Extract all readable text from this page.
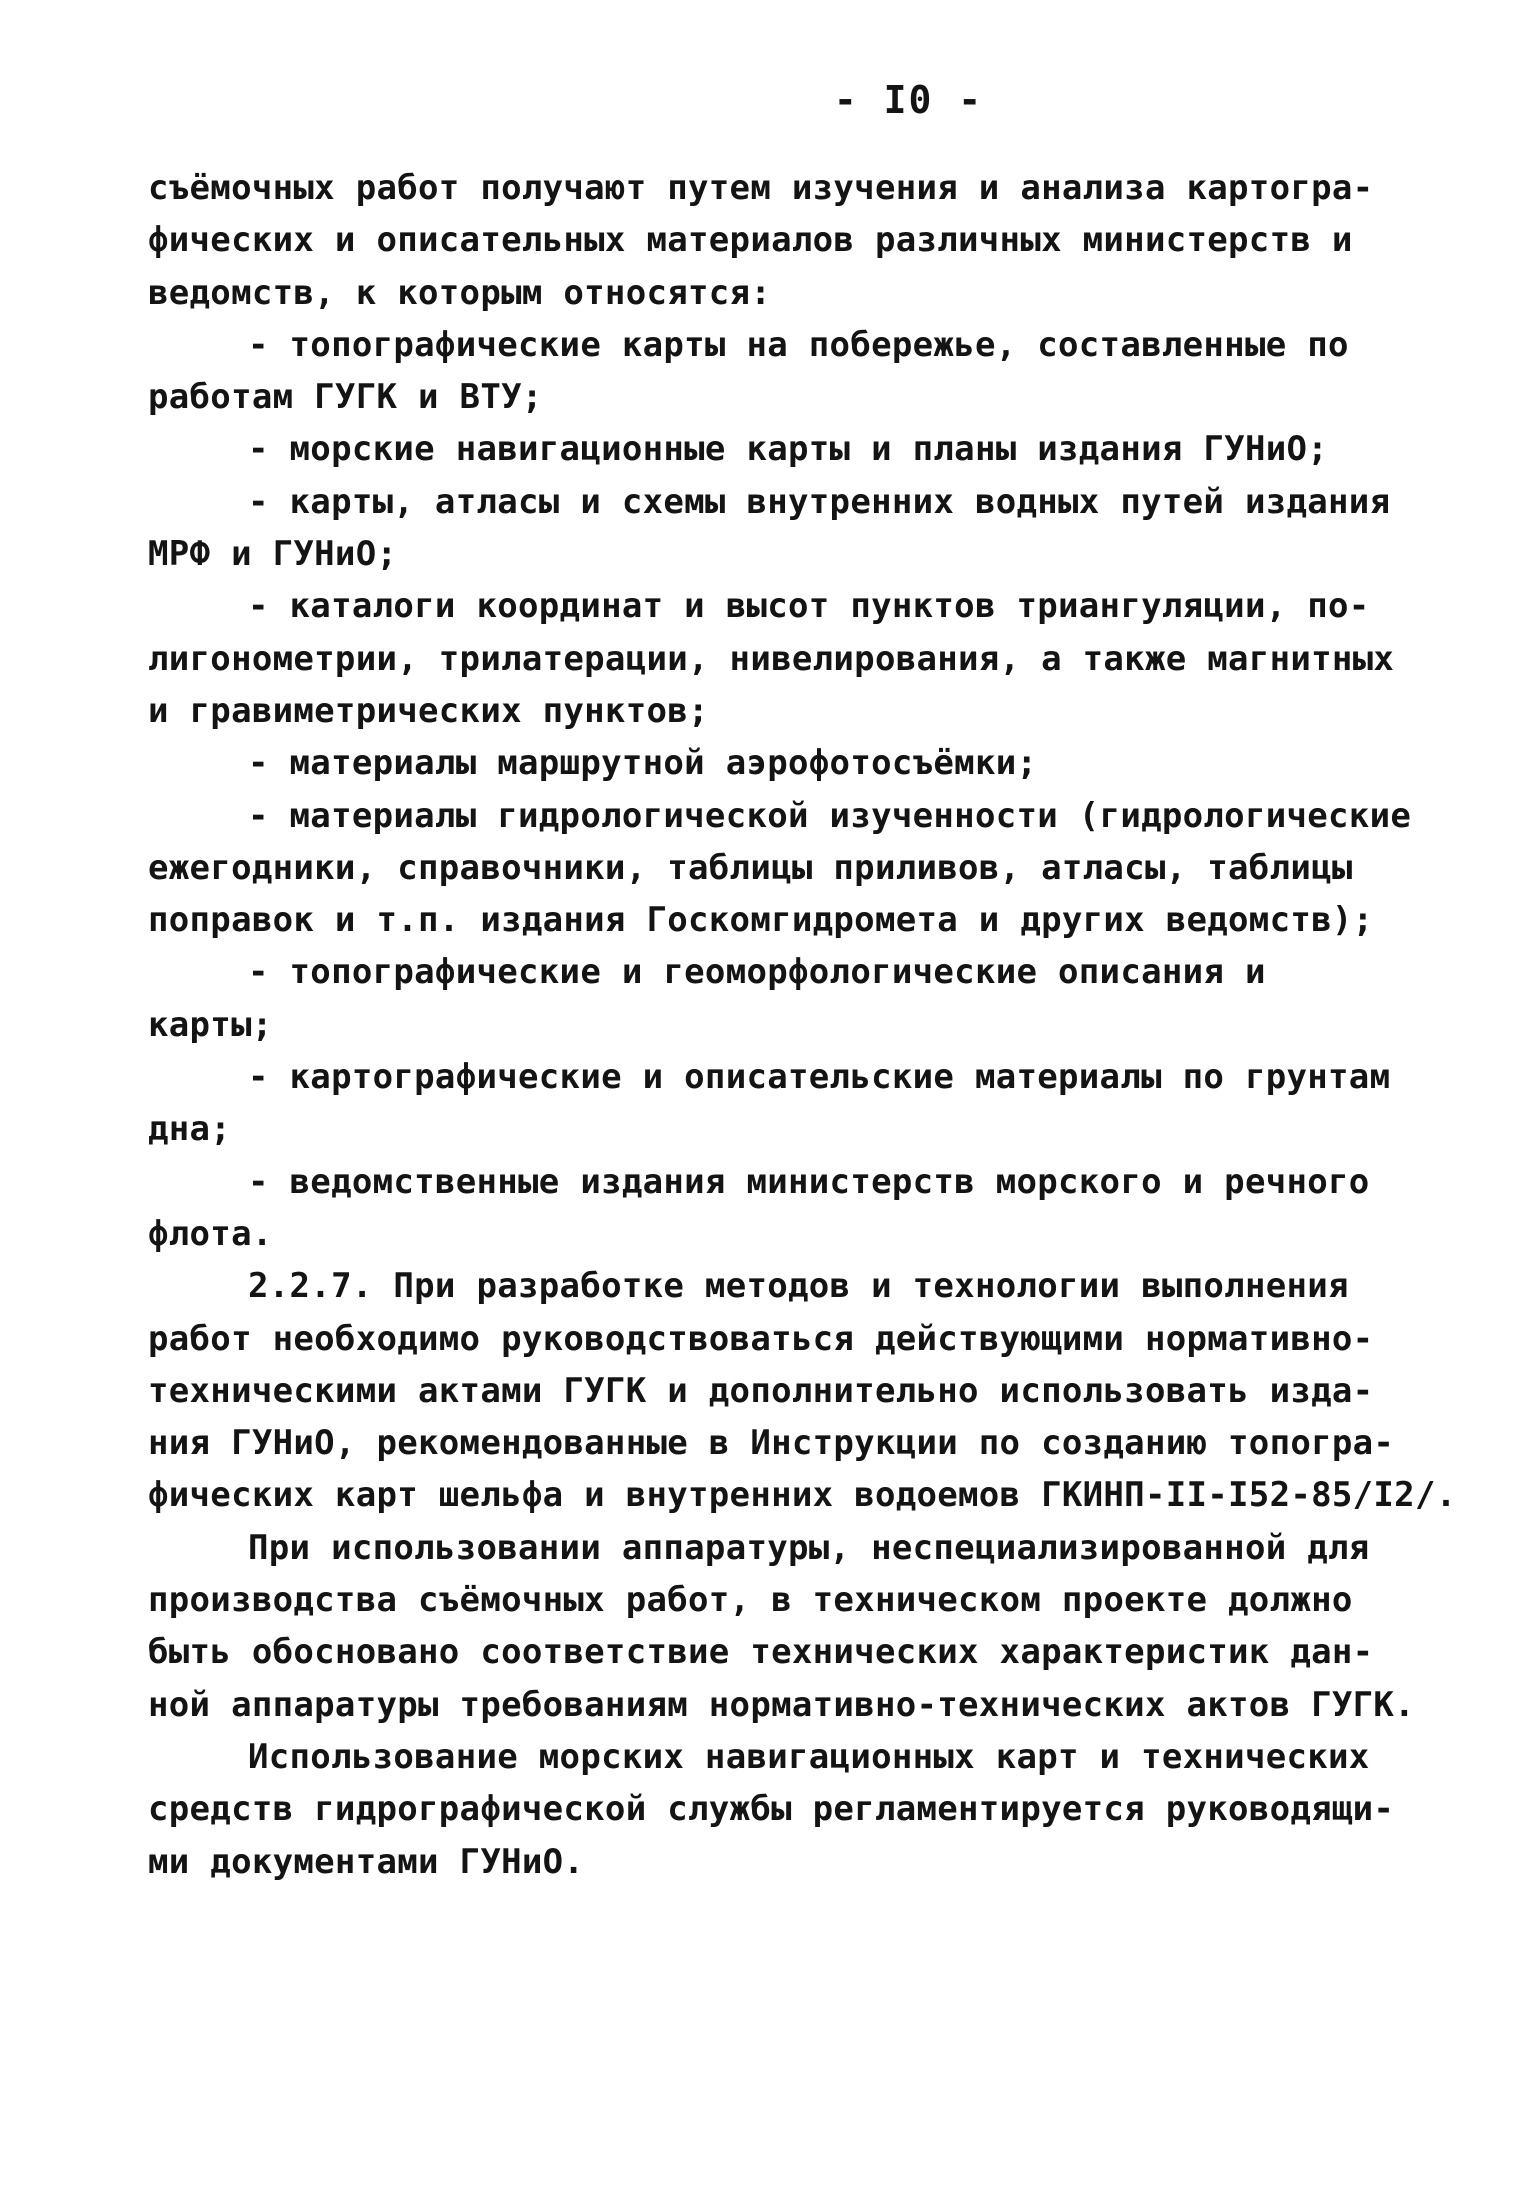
- I0 -
съёмочных работ получают путем изучения и анализа картогра-
фических и описательных материалов различных министерств и
ведомств, к которым относятся:
- топографические карты на побережье, составленные по
работам ГУГК и ВТУ;
- морские навигационные карты и планы издания ГУНиО;
- карты, атласы и схемы внутренних водных путей издания
МРФ и ГУНиО;
- каталоги координат и высот пунктов триангуляции, по-
лигонометрии, трилатерации, нивелирования, а также магнитных
и гравиметрических пунктов;
- материалы маршрутной аэрофотосъёмки;
- материалы гидрологической изученности (гидрологические
ежегодники, справочники, таблицы приливов, атласы, таблицы
поправок и т.п. издания Госкомгидромета и других ведомств);
- топографические и геоморфологические описания и
карты;
- картографические и описательские материалы по грунтам
дна;
- ведомственные издания министерств морского и речного
флота.
2.2.7. При разработке методов и технологии выполнения
работ необходимо руководствоваться действующими нормативно-
техническими актами ГУГК и дополнительно использовать изда-
ния ГУНиО, рекомендованные в Инструкции по созданию топогра-
фических карт шельфа и внутренних водоемов ГКИНП-II-I52-85/I2/.
При использовании аппаратуры, неспециализированной для
производства съёмочных работ, в техническом проекте должно
быть обосновано соответствие технических характеристик дан-
ной аппаратуры требованиям нормативно-технических актов ГУГК.
Использование морских навигационных карт и технических
средств гидрографической службы регламентируется руководящи-
ми документами ГУНиО.
